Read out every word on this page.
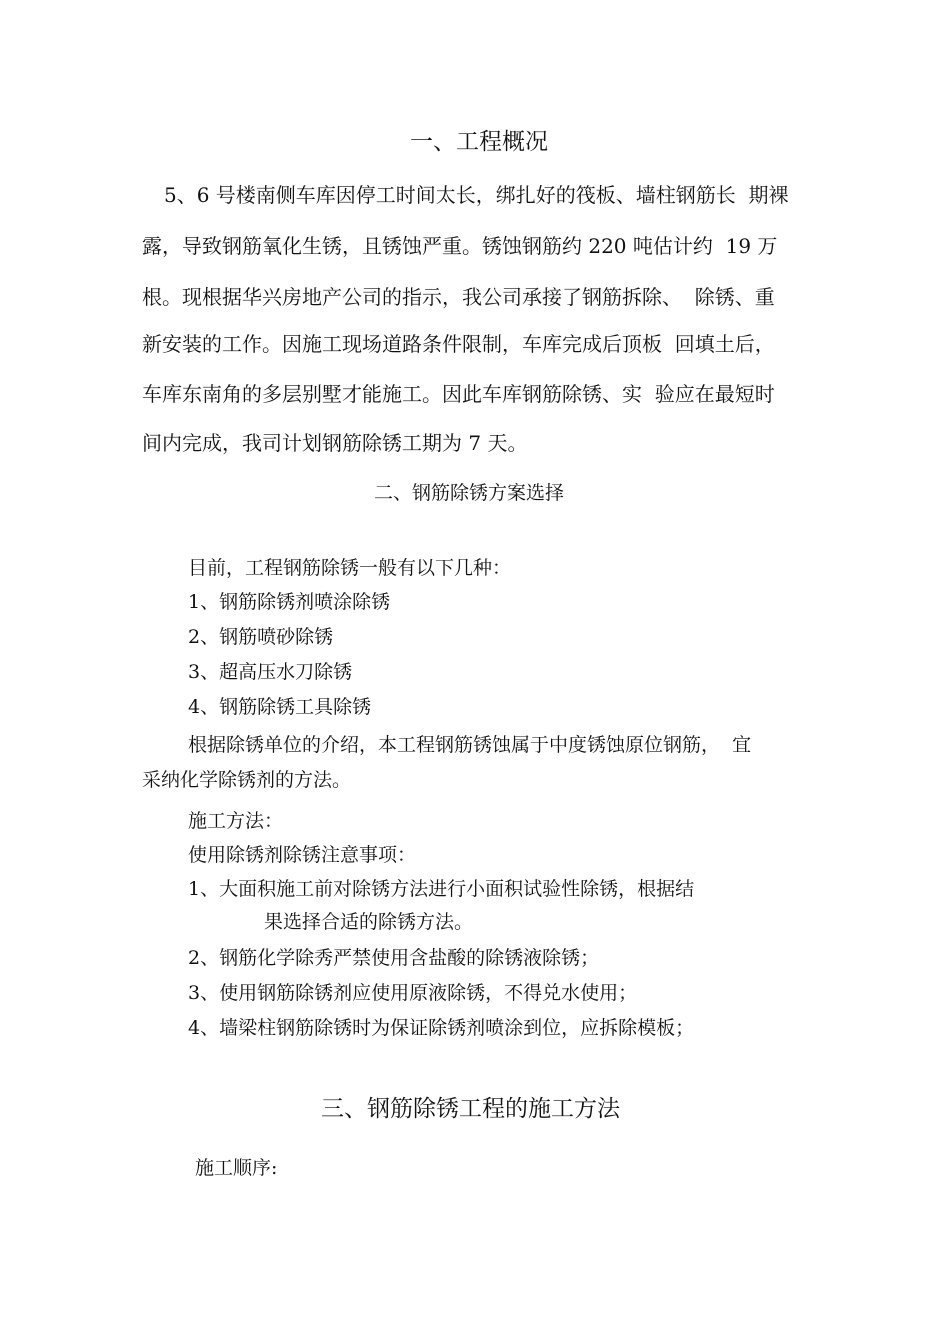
一、工程概况

5、6 号楼南侧车库因停工时间太长，绑扎好的筏板、墙柱钢筋长  期裸

露，导致钢筋氧化生锈，且锈蚀严重。锈蚀钢筋约 220 吨估计约  19 万

根。现根据华兴房地产公司的指示，我公司承接了钢筋拆除、  除锈、重

新安装的工作。因施工现场道路条件限制，车库完成后顶板  回填土后，

车库东南角的多层别墅才能施工。因此车库钢筋除锈、实  验应在最短时

间内完成，我司计划钢筋除锈工期为 7 天。

二、钢筋除锈方案选择

目前，工程钢筋除锈一般有以下几种：

1、钢筋除锈剂喷涂除锈

2、钢筋喷砂除锈

3、超高压水刀除锈

4、钢筋除锈工具除锈

根据除锈单位的介绍，本工程钢筋锈蚀属于中度锈蚀原位钢筋，  宜

采纳化学除锈剂的方法。

施工方法：

使用除锈剂除锈注意事项：

1、大面积施工前对除锈方法进行小面积试验性除锈，根据结

果选择合适的除锈方法。

2、钢筋化学除秀严禁使用含盐酸的除锈液除锈；

3、使用钢筋除锈剂应使用原液除锈，不得兑水使用；

4、墙梁柱钢筋除锈时为保证除锈剂喷涂到位，应拆除模板；

三、钢筋除锈工程的施工方法

施工顺序:
